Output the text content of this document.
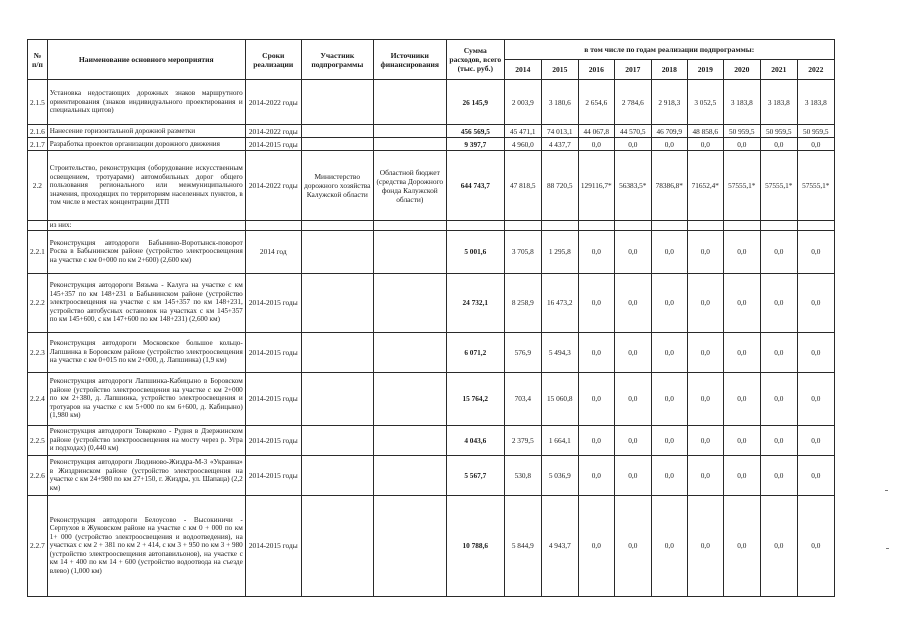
№ п/п	Наименование основного мероприятия	Сроки реализации	Участник подпрограммы	Источники финансирования	Сумма расходов, всего (тыс. руб.)	в том числе по годам реализации подпрограммы:								
						2014	2015	2016	2017	2018	2019	2020	2021	2022
2.1.5	Установка недостающих дорожных знаков маршрутного ориентирования (знаков индивидуального проектирования и специальных щитов)	2014-2022 годы			26 145,9	2 003,9	3 180,6	2 654,6	2 784,6	2 918,3	3 052,5	3 183,8	3 183,8	3 183,8
2.1.6	Нанесение горизонтальной дорожной разметки	2014-2022 годы			456 569,5	45 471,1	74 013,1	44 067,8	44 570,5	46 709,9	48 858,6	50 959,5	50 959,5	50 959,5
2.1.7	Разработка проектов организации дорожного движения	2014-2015 годы			9 397,7	4 960,0	4 437,7	0,0	0,0	0,0	0,0	0,0	0,0	0,0
2.2	Строительство, реконструкция (оборудование искусственным освещением, тротуарами) автомобильных дорог общего пользования регионального или межмуниципального значения, проходящих по территориям населенных пунктов, в том числе в местах концентрации ДТП	2014-2022 годы	Министерство дорожного хозяйства Калужской области	Областной бюджет (средства Дорожного фонда Калужской области)	644 743,7	47 818,5	88 720,5	129116,7*	56383,5*	78386,8*	71652,4*	57555,1*	57555,1*	57555,1*
	из них:													
2.2.1	Реконструкция автодороги Бабынино-Воротынск-поворот Росва в Бабынинском районе (устройство электроосвещения на участке с км 0+000 по км 2+600) (2,600 км)	2014 год			5 001,6	3 705,8	1 295,8	0,0	0,0	0,0	0,0	0,0	0,0	0,0
2.2.2	Реконструкция автодороги Вязьма - Калуга на участке с км 145+357 по км 148+231 в Бабынинском районе (устройство электроосвещения на участке с км 145+357 по км 148+231, устройство автобусных остановок на участках с км 145+357 по км 145+600, с км 147+600 по км 148+231) (2,600 км)	2014-2015 годы			24 732,1	8 258,9	16 473,2	0,0	0,0	0,0	0,0	0,0	0,0	0,0
2.2.3	Реконструкция автодороги Московское большое кольцо-Лапшинка в Боровском районе (устройство электроосвещения на участке с км 0+015 по км 2+000, д. Лапшинка) (1,9 км)	2014-2015 годы			6 071,2	576,9	5 494,3	0,0	0,0	0,0	0,0	0,0	0,0	0,0
2.2.4	Реконструкция автодороги Лапшинка-Кабицыно в Боровском районе (устройство электроосвещения на участке с км 2+000 по км 2+380, д. Лапшинка, устройство электроосвещения и тротуаров на участке с км 5+000 по км 6+600, д. Кабицыно) (1,980 км)	2014-2015 годы			15 764,2	703,4	15 060,8	0,0	0,0	0,0	0,0	0,0	0,0	0,0
2.2.5	Реконструкция автодороги Товарково - Рудня в Дзержинском районе (устройство электроосвещения на мосту через р. Угра и подходах) (0,440 км)	2014-2015 годы			4 043,6	2 379,5	1 664,1	0,0	0,0	0,0	0,0	0,0	0,0	0,0
2.2.6	Реконструкция автодороги Людиново-Жиздра-М-3 «Украина» в Жиздринском районе (устройство электроосвещения на участке с км 24+980 по км 27+150, г. Жиздра, ул. Шапаца) (2,2 км)	2014-2015 годы			5 567,7	530,8	5 036,9	0,0	0,0	0,0	0,0	0,0	0,0	0,0
2.2.7	Реконструкция автодороги Белоусово - Высокиничи - Серпухов в Жуковском районе на участке с км 0 + 000 по км 1+ 000 (устройство электроосвещения и водоотведения), на участках с км 2 + 381 по км 2 + 414, с км 3 + 950 по км 3 + 980 (устройство электроосвещения автопавильонов), на участке с км 14 + 400 по км 14 + 600 (устройство водоотвода на съезде влево) (1,000 км)	2014-2015 годы			10 788,6	5 844,9	4 943,7	0,0	0,0	0,0	0,0	0,0	0,0	0,0
